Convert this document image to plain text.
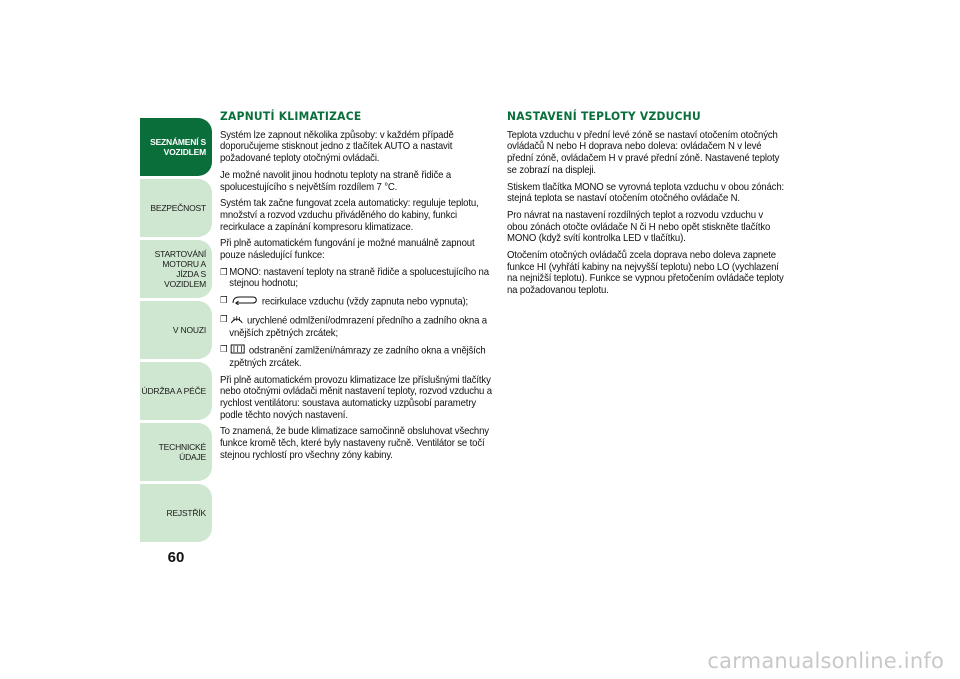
SEZNÁMENÍ S
VOZIDLEM
BEZPEČNOST
STARTOVÁNÍ
MOTORU A JÍZDA S
VOZIDLEM
V NOUZI
ÚDRŽBA A PÉČE
TECHNICKÉ ÚDAJE
REJSTŘÍK
60
ZAPNUTÍ KLIMATIZACE

Systém lze zapnout několika způsoby: v každém případě doporučujeme stisknout jedno z tlačítek AUTO a nastavit požadované teploty otočnými ovládači.

Je možné navolit jinou hodnotu teploty na straně řidiče a spolucestujícího s největším rozdílem 7 °C.

Systém tak začne fungovat zcela automaticky: reguluje teplotu, množství a rozvod vzduchu přiváděného do kabiny, funkci recirkulace a zapínání kompresoru klimatizace.

Při plně automatickém fungování je možné manuálně zapnout pouze následující funkce:

❒ MONO: nastavení teploty na straně řidiče a spolucestujícího na stejnou hodnotu;
❒	recirkulace vzduchu (vždy zapnuta nebo vypnuta);
❒	urychlené odmlžení/odmrazení předního a zadního okna a vnějších zpětných zrcátek;
❒	odstranění zamlžení/námrazy ze zadního okna a vnějších zpětných zrcátek.

Při plně automatickém provozu klimatizace lze příslušnými tlačítky nebo otočnými ovládači měnit nastavení teploty, rozvod vzduchu a rychlost ventilátoru: soustava automaticky uzpůsobí parametry podle těchto nových nastavení.

To znamená, že bude klimatizace samočinně obsluhovat všechny funkce kromě těch, které byly nastaveny ručně. Ventilátor se točí stejnou rychlostí pro všechny zóny kabiny.

NASTAVENÍ TEPLOTY VZDUCHU

Teplota vzduchu v přední levé zóně se nastaví otočením otočných ovládačů N nebo H doprava nebo doleva: ovládačem N v levé přední zóně, ovládačem H v pravé přední zóně. Nastavené teploty se zobrazí na displeji.

Stiskem tlačítka MONO se vyrovná teplota vzduchu v obou zónách: stejná teplota se nastaví otočením otočného ovládače N.

Pro návrat na nastavení rozdílných teplot a rozvodu vzduchu v obou zónách otočte ovládače N či H nebo opět stiskněte tlačítko MONO (když svítí kontrolka LED v tlačítku).

Otočením otočných ovládačů zcela doprava nebo doleva zapnete funkce HI (vyhřátí kabiny na nejvyšší teplotu) nebo LO (vychlazení na nejnižší teplotu). Funkce se vypnou přetočením ovládače teploty na požadovanou teplotu.

carmanualsonline.info
